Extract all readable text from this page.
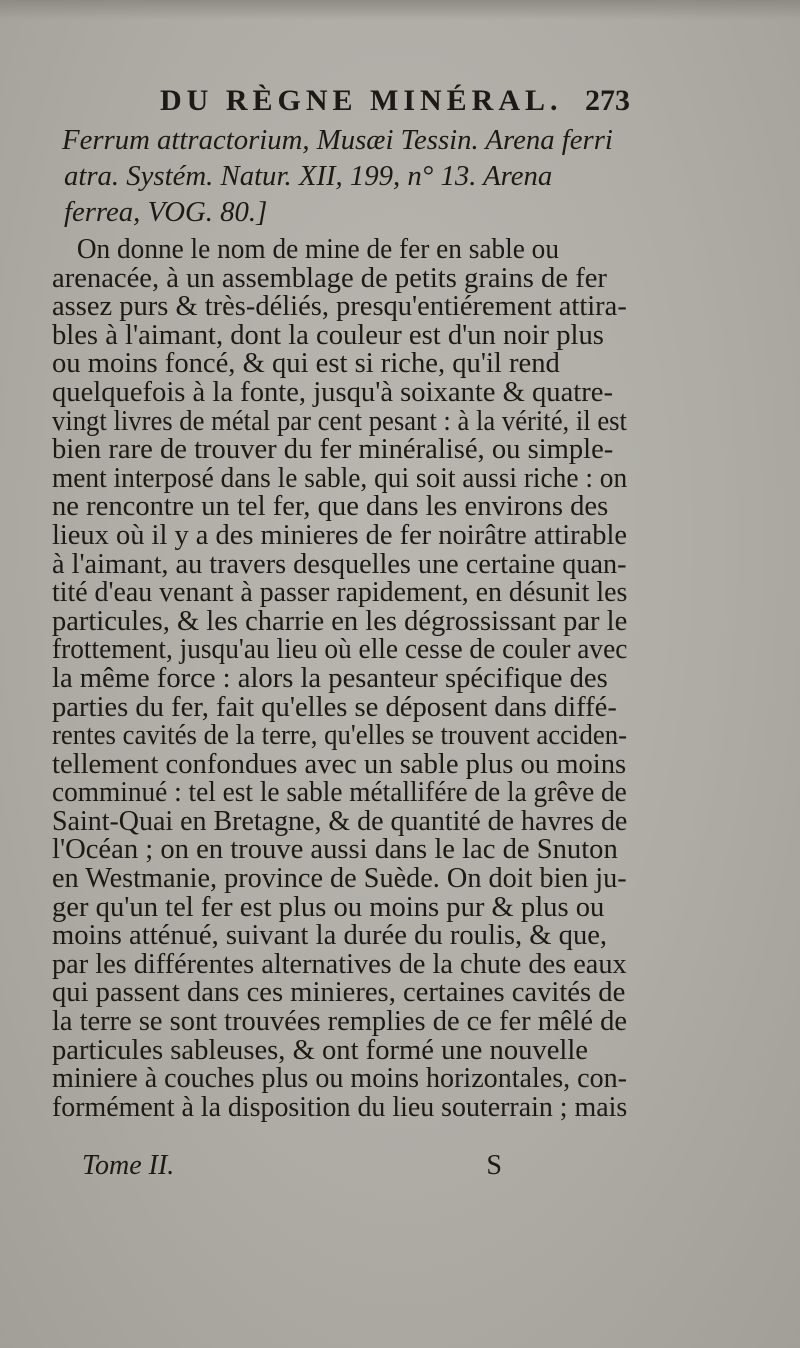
DU RÈGNE MINÉRAL. 273
Ferrum attractorium, Musæi Tessin. Arena ferri
atra. Systém. Natur. XII, 199, n° 13. Arena
ferrea, VOG. 80.]
On donne le nom de mine de fer en sable ou
arenacée, à un assemblage de petits grains de fer
assez purs & très-déliés, presqu'entiérement attira-
bles à l'aimant, dont la couleur est d'un noir plus
ou moins foncé, & qui est si riche, qu'il rend
quelquefois à la fonte, jusqu'à soixante & quatre-
vingt livres de métal par cent pesant : à la vérité, il est
bien rare de trouver du fer minéralisé, ou simple-
ment interposé dans le sable, qui soit aussi riche : on
ne rencontre un tel fer, que dans les environs des
lieux où il y a des minieres de fer noirâtre attirable
à l'aimant, au travers desquelles une certaine quan-
tité d'eau venant à passer rapidement, en désunit les
particules, & les charrie en les dégrossissant par le
frottement, jusqu'au lieu où elle cesse de couler avec
la même force : alors la pesanteur spécifique des
parties du fer, fait qu'elles se déposent dans diffé-
rentes cavités de la terre, qu'elles se trouvent acciden-
tellement confondues avec un sable plus ou moins
comminué : tel est le sable métallifére de la grêve de
Saint-Quai en Bretagne, & de quantité de havres de
l'Océan ; on en trouve aussi dans le lac de Snuton
en Westmanie, province de Suède. On doit bien ju-
ger qu'un tel fer est plus ou moins pur & plus ou
moins atténué, suivant la durée du roulis, & que,
par les différentes alternatives de la chute des eaux
qui passent dans ces minieres, certaines cavités de
la terre se sont trouvées remplies de ce fer mêlé de
particules sableuses, & ont formé une nouvelle
miniere à couches plus ou moins horizontales, con-
formément à la disposition du lieu souterrain ; mais
Tome II.	S
